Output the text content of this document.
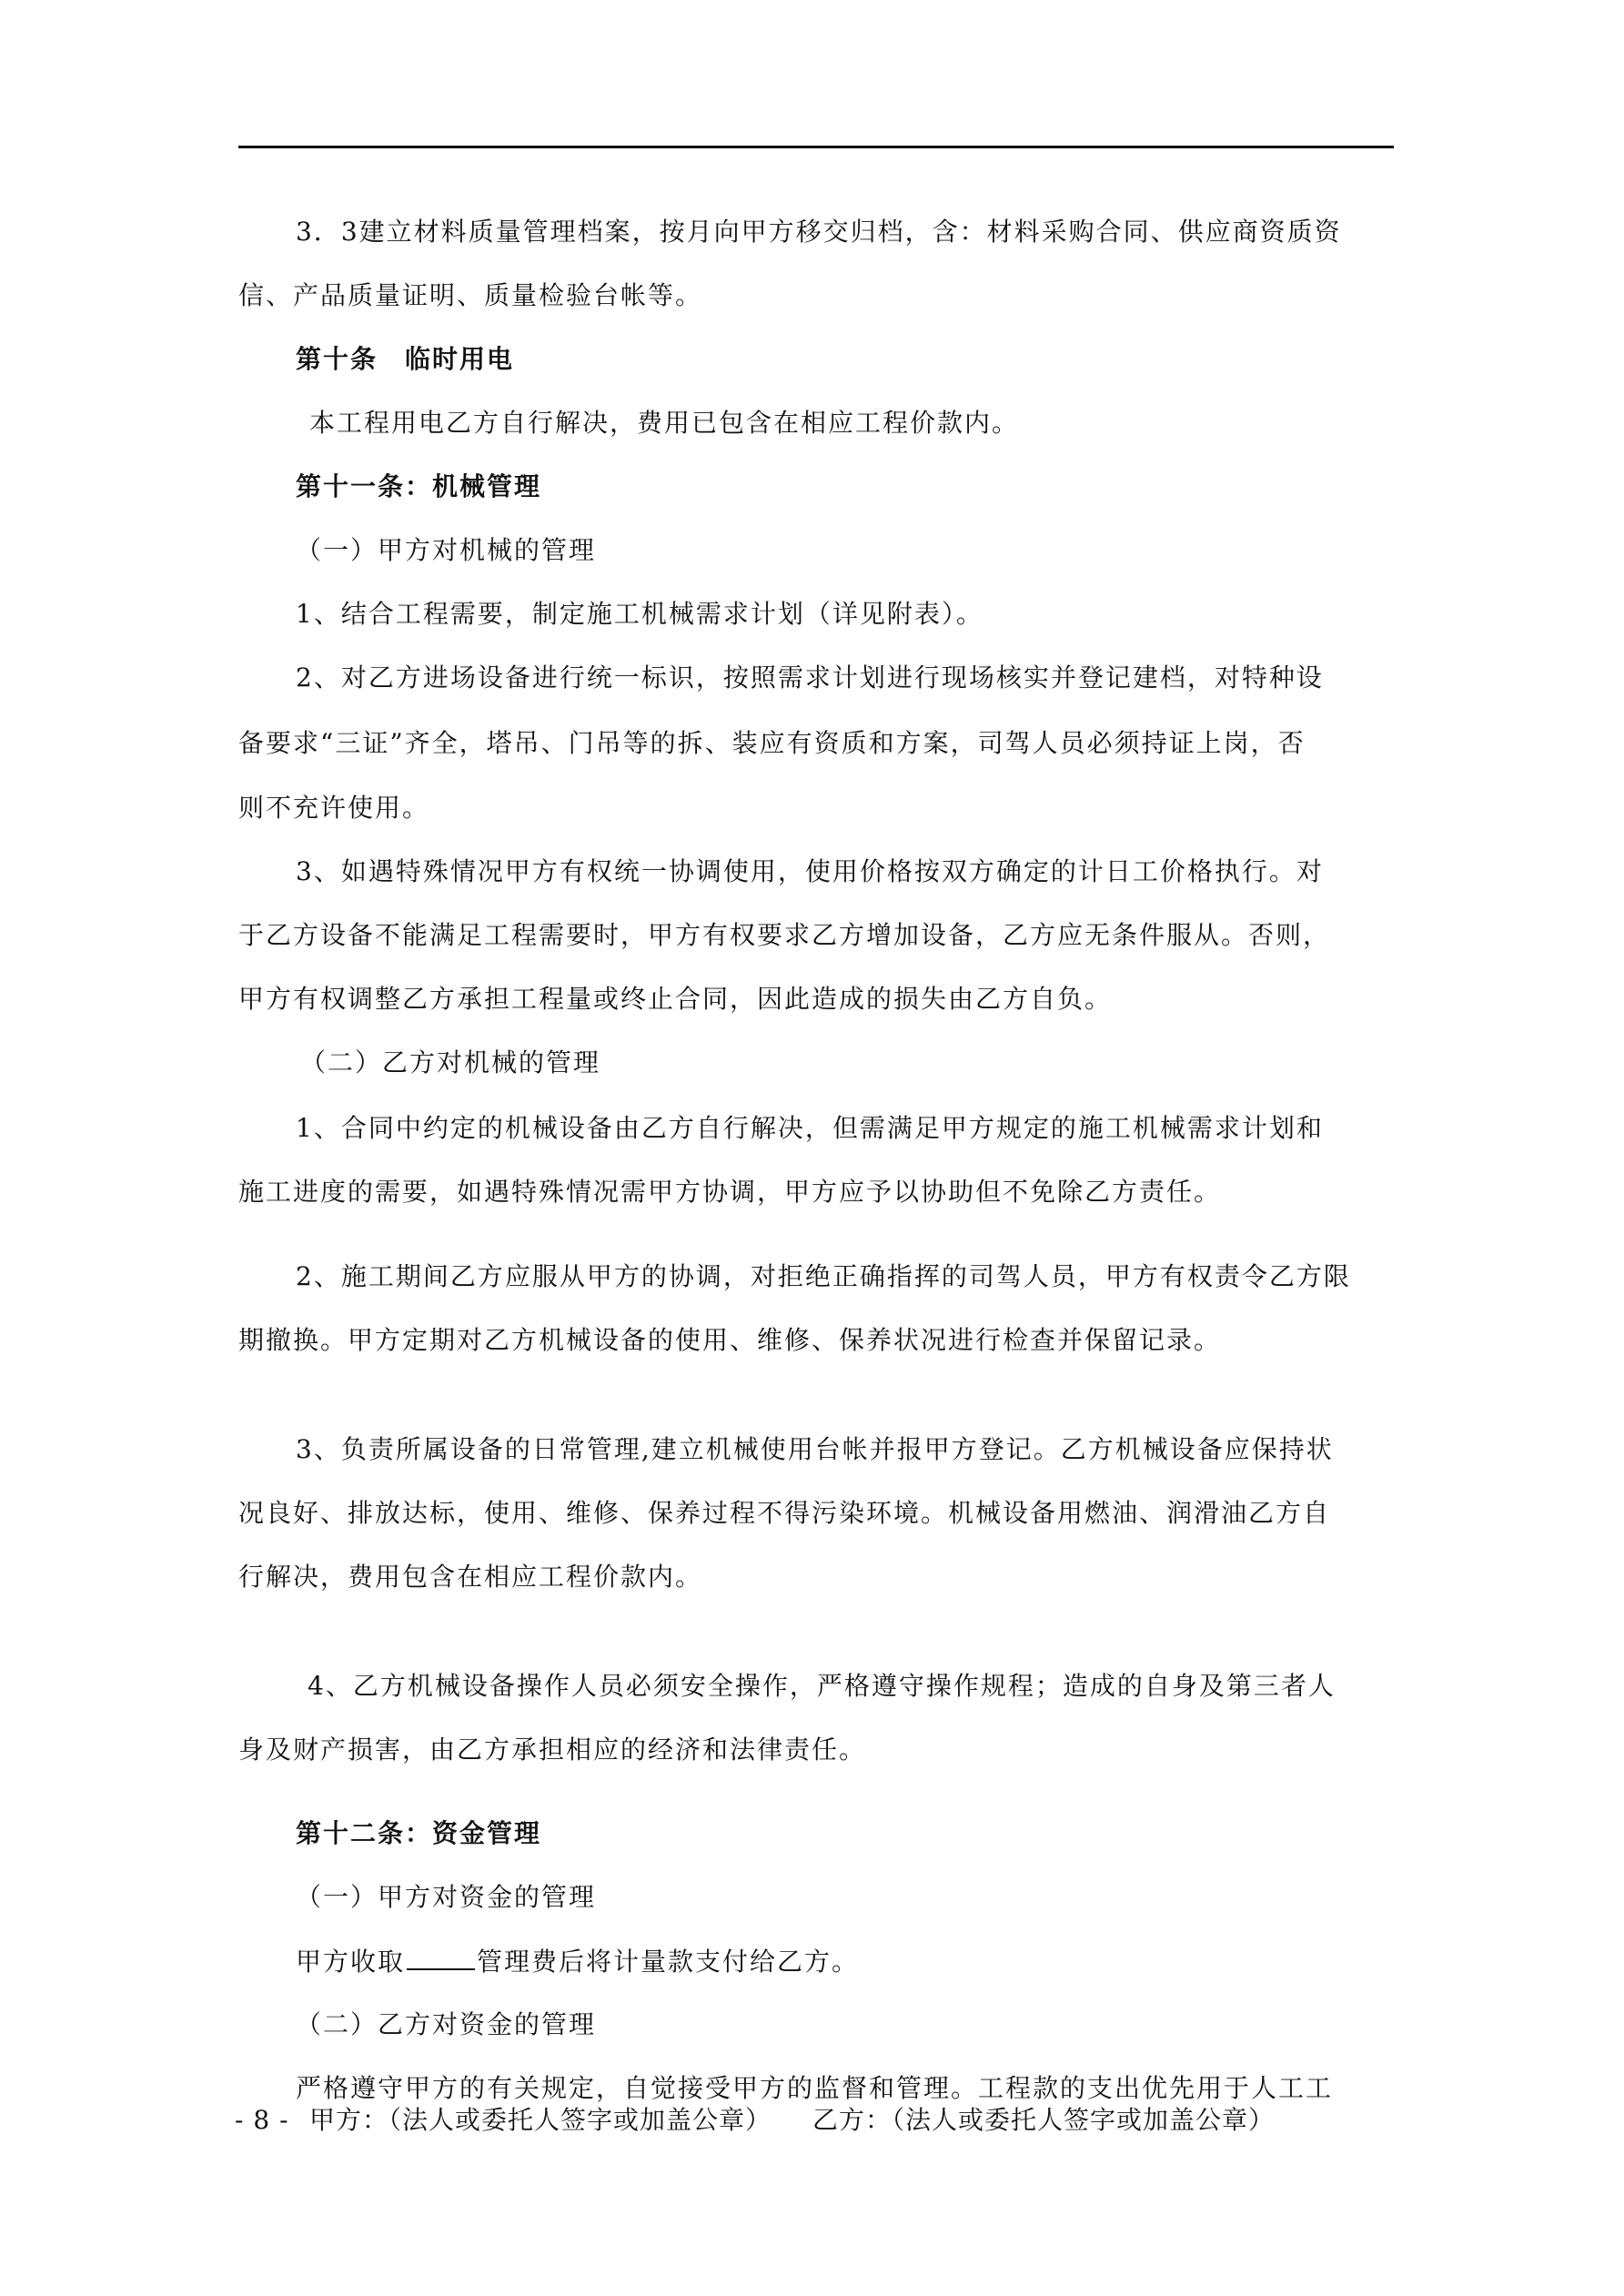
3．3建立材料质量管理档案，按月向甲方移交归档，含：材料采购合同、供应商资质资
信、产品质量证明、质量检验台帐等。
第十条　临时用电
本工程用电乙方自行解决，费用已包含在相应工程价款内。
第十一条：机械管理
（一）甲方对机械的管理
1、结合工程需要，制定施工机械需求计划（详见附表）。
2、对乙方进场设备进行统一标识，按照需求计划进行现场核实并登记建档，对特种设
备要求“三证”齐全，塔吊、门吊等的拆、装应有资质和方案，司驾人员必须持证上岗，否
则不充许使用。
3、如遇特殊情况甲方有权统一协调使用，使用价格按双方确定的计日工价格执行。对
于乙方设备不能满足工程需要时，甲方有权要求乙方增加设备，乙方应无条件服从。否则，
甲方有权调整乙方承担工程量或终止合同，因此造成的损失由乙方自负。
（二）乙方对机械的管理
1、合同中约定的机械设备由乙方自行解决，但需满足甲方规定的施工机械需求计划和
施工进度的需要，如遇特殊情况需甲方协调，甲方应予以协助但不免除乙方责任。
2、施工期间乙方应服从甲方的协调，对拒绝正确指挥的司驾人员，甲方有权责令乙方限
期撤换。甲方定期对乙方机械设备的使用、维修、保养状况进行检查并保留记录。
3、负责所属设备的日常管理,建立机械使用台帐并报甲方登记。乙方机械设备应保持状
况良好、排放达标，使用、维修、保养过程不得污染环境。机械设备用燃油、润滑油乙方自
行解决，费用包含在相应工程价款内。
4、乙方机械设备操作人员必须安全操作，严格遵守操作规程；造成的自身及第三者人
身及财产损害，由乙方承担相应的经济和法律责任。
第十二条：资金管理
（一）甲方对资金的管理
甲方收取	管理费后将计量款支付给乙方。
（二）乙方对资金的管理
严格遵守甲方的有关规定，自觉接受甲方的监督和管理。工程款的支出优先用于人工工
- 8 - 甲方：（法人或委托人签字或加盖公章） 乙方：（法人或委托人签字或加盖公章）
